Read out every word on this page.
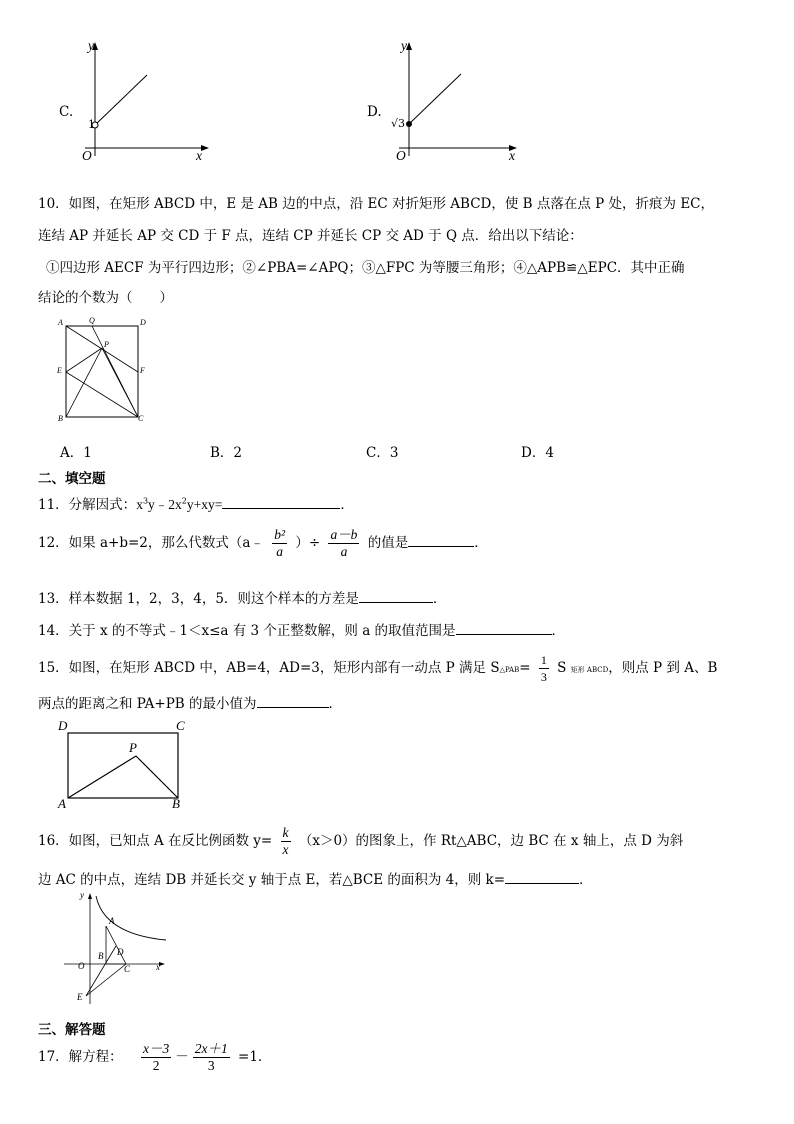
C.
y
x
O
1
D.
y
x
O
√3
10．如图，在矩形 ABCD 中，E 是 AB 边的中点，沿 EC 对折矩形 ABCD，使 B 点落在点 P 处，折痕为 EC，
连结 AP 并延长 AP 交 CD 于 F 点，连结 CP 并延长 CP 交 AD 于 Q 点．给出以下结论：
①四边形 AECF 为平行四边形；②∠PBA=∠APQ；③△FPC 为等腰三角形；④△APB≌△EPC．其中正确
结论的个数为（　　）
A	Q	D
P
E	F
B	C
A．1	B．2	C．3	D．4
二、填空题
11．分解因式：$x^3y﹣2x^2y+xy=$	．
12．如果 a+b=2，那么代数式（a﹣ $\frac{\text{b²}}{a}$ ）÷ $\frac{a-b}{a}$ 的值是	．
13．样本数据 1，2，3，4，5．则这个样本的方差是	．
14．关于 x 的不等式﹣1＜x≤a 有 3 个正整数解，则 a 的取值范围是	．
15．如图，在矩形 ABCD 中，AB=4，AD=3，矩形内部有一动点 P 满足 S△PAB= $\frac{1}{3}$ S 矩形 ABCD，则点 P 到 A、B
两点的距离之和 PA+PB 的最小值为	．
D	C
P
A	B
16．如图，已知点 A 在反比例函数 $y= \frac{k}{x} (x>0)$的图象上，作 Rt△ABC，边 BC 在 x 轴上，点 D 为斜
边 AC 的中点，连结 DB 并延长交 y 轴于点 E，若△BCE 的面积为 4，则 k=	．
y
A
O
B D
C	x
E
三、解答题
17．解方程： $\frac{x-3}{2} - \frac{2x+1}{3} =1$．
